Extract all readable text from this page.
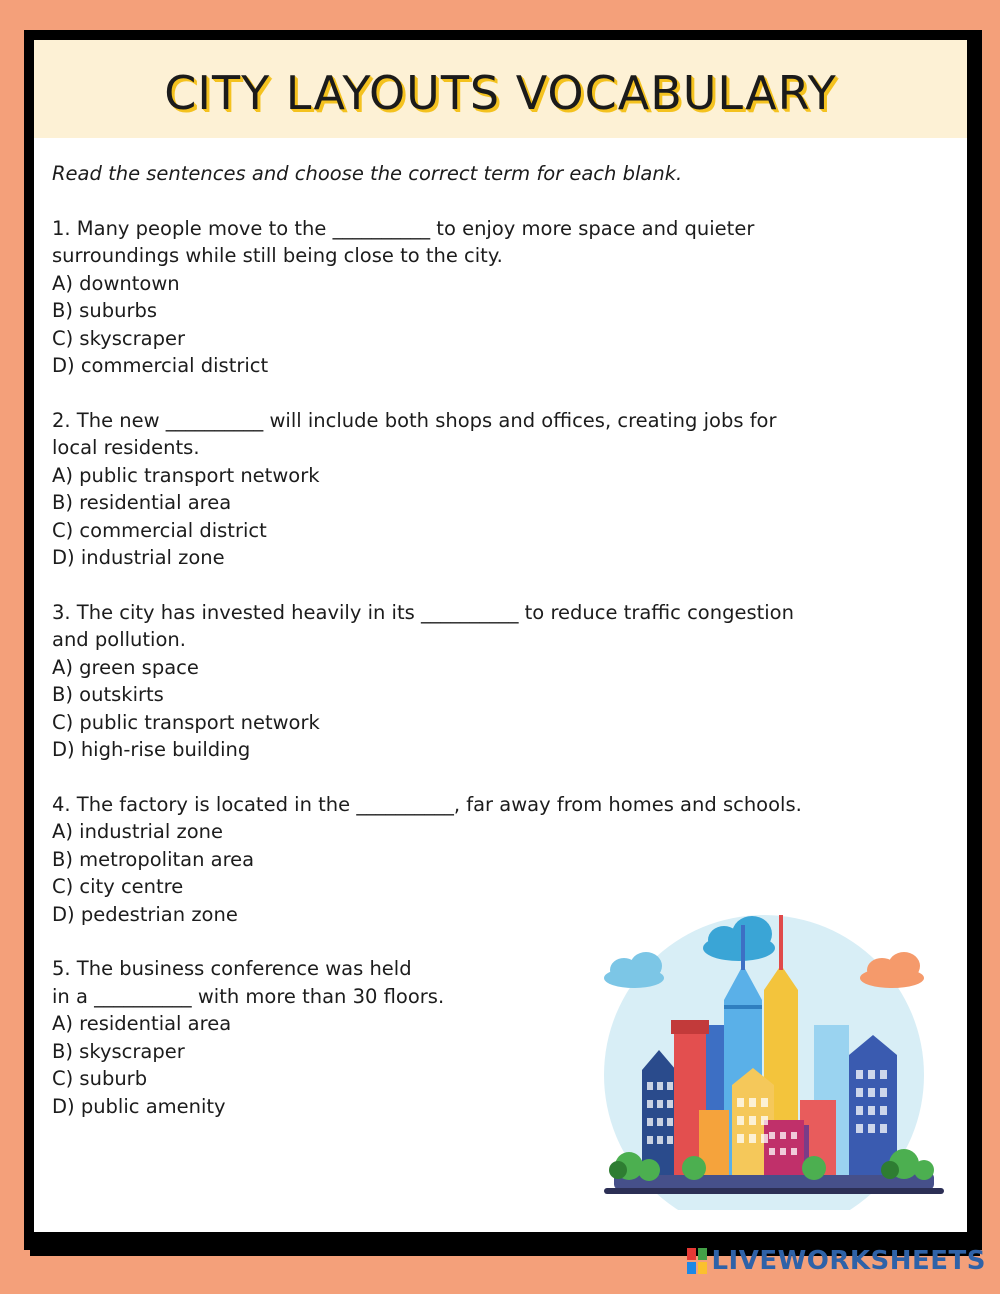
CITY LAYOUTS VOCABULARY

Read the sentences and choose the correct term for each blank.

1. Many people move to the __________ to enjoy more space and quieter

surroundings while still being close to the city.

A) downtown
B) suburbs
C) skyscraper
D) commercial district

2. The new __________ will include both shops and offices, creating jobs for

local residents.

A) public transport network
B) residential area
C) commercial district
D) industrial zone

3. The city has invested heavily in its __________ to reduce traffic congestion

and pollution.

A) green space
B) outskirts
C) public transport network
D) high-rise building

4. The factory is located in the __________, far away from homes and schools.

A) industrial zone
B) metropolitan area
C) city centre
D) pedestrian zone

5. The business conference was held

in a __________ with more than 30 floors.

A) residential area
B) skyscraper
C) suburb
D) public amenity
LIVEWORKSHEETS
